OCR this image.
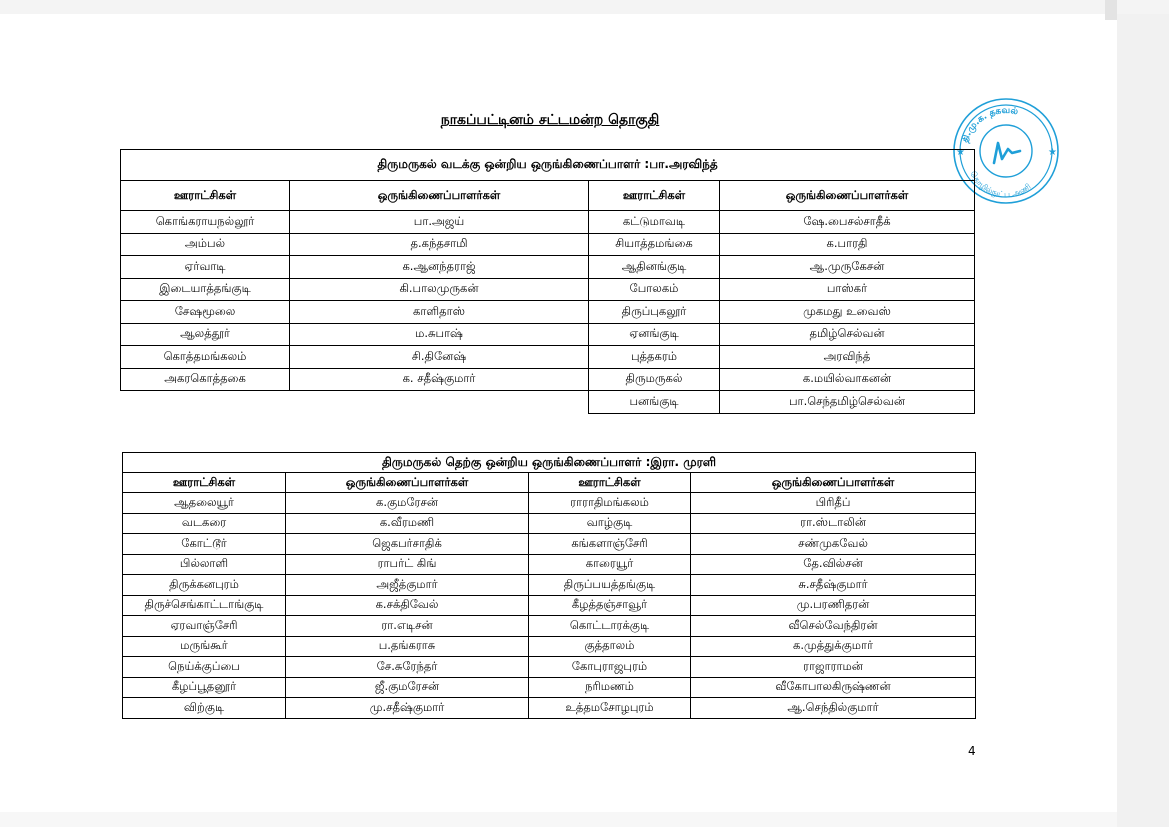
நாகப்பட்டினம் சட்டமன்ற தொகுதி
தி.மு.க. தகவல்
தொழில்நுட்ப அணி
★	★
திருமருகல் வடக்கு ஒன்றிய ஒருங்கிணைப்பாளர் :பா.அரவிந்த்			
ஊராட்சிகள்	ஒருங்கிணைப்பாளர்கள்	ஊராட்சிகள்	ஒருங்கிணைப்பாளர்கள்
கொங்கராயநல்லூர்	பா.அஜய்	கட்டுமாவடி	ஷே.பைசல்சாதீக்
அம்பல்	த.கந்தசாமி	சியாத்தமங்கை	க.பாரதி
ஏர்வாடி	க.ஆனந்தராஜ்	ஆதினங்குடி	ஆ.முருகேசன்
இடையாத்தங்குடி	கி.பாலமுருகன்	போலகம்	பாஸ்கர்
சேஷமூலை	காளிதாஸ்	திருப்புகலூர்	முகமது உவைஸ்
ஆலத்தூர்	ம.சுபாஷ்	ஏனங்குடி	தமிழ்செல்வன்
கொத்தமங்கலம்	சி.தினேஷ்	புத்தகரம்	அரவிந்த்
அகரகொத்தகை	க. சதீஷ்குமார்	திருமருகல்	க.மயில்வாகனன்
		பனங்குடி	பா.செந்தமிழ்செல்வன்
திருமருகல் தெற்கு ஒன்றிய ஒருங்கிணைப்பாளர் :இரா. முரளி			
ஊராட்சிகள்	ஒருங்கிணைப்பாளர்கள்	ஊராட்சிகள்	ஒருங்கிணைப்பாளர்கள்
ஆதலையூர்	க.குமரேசன்	ராராதிமங்கலம்	பிரிதீப்
வடகரை	க.வீரமணி	வாழ்குடி	ரா.ஸ்டாலின்
கோட்டூர்	ஜெகபர்சாதிக்	கங்களாஞ்சேரி	சண்முகவேல்
பில்லாளி	ராபர்ட் கிங்	காரையூர்	தே.வில்சன்
திருக்கனபுரம்	அஜீத்குமார்	திருப்பயத்தங்குடி	சு.சதீஷ்குமார்
திருச்செங்காட்டாங்குடி	க.சக்திவேல்	கீழத்தஞ்சாவூர்	மு.பரணிதரன்
ஏரவாஞ்சேரி	ரா.எடிசன்	கொட்டாரக்குடி	வீசெல்வேந்திரன்
மருங்கூர்	ப.தங்கராசு	குத்தாலம்	க.முத்துக்குமார்
நெய்க்குப்பை	சே.சுரேந்தர்	கோபுராஜபுரம்	ராஜாராமன்
கீழப்பூதனூர்	ஜீ.குமரேசன்	நரிமணம்	வீகோபாலகிருஷ்ணன்
விற்குடி	மு.சதீஷ்குமார்	உத்தமசோழபுரம்	ஆ.செந்தில்குமார்
4
